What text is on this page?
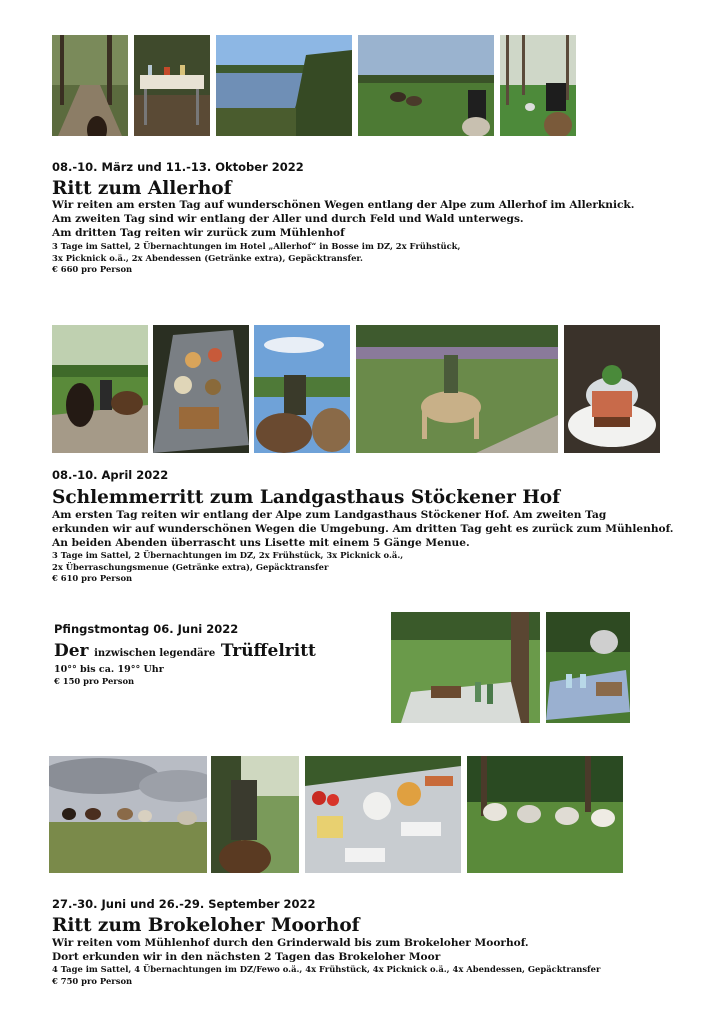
08.-10. März und 11.-13. Oktober 2022
Ritt zum Allerhof
Wir reiten am ersten Tag auf wunderschönen Wegen entlang der Alpe zum Allerhof im Allerknick.
Am zweiten Tag sind wir entlang der Aller und durch Feld und Wald unterwegs.
Am dritten Tag reiten wir zurück zum Mühlenhof
3 Tage im Sattel, 2 Übernachtungen im Hotel „Allerhof“ in Bosse im DZ, 2x Frühstück,
3x Picknick o.ä., 2x Abendessen (Getränke extra), Gepäcktransfer.
€ 660 pro Person
08.-10. April 2022
Schlemmerritt zum Landgasthaus Stöckener Hof
Am ersten Tag reiten wir entlang der Alpe zum Landgasthaus Stöckener Hof. Am zweiten Tag
erkunden wir auf wunderschönen Wegen die Umgebung. Am dritten Tag geht es zurück zum Mühlenhof.
An beiden Abenden überrascht uns Lisette mit einem 5 Gänge Menue.
3 Tage im Sattel, 2 Übernachtungen im DZ, 2x Frühstück, 3x Picknick o.ä.,
2x Überraschungsmenue (Getränke extra), Gepäcktransfer
€ 610 pro Person
Pfingstmontag 06. Juni 2022
Der inzwischen legendäre Trüffelritt
10°° bis ca. 19°° Uhr
€ 150 pro Person
27.-30. Juni und 26.-29. September 2022
Ritt zum Brokeloher Moorhof
Wir reiten vom Mühlenhof durch den Grinderwald bis zum Brokeloher Moorhof.
Dort erkunden wir in den nächsten 2 Tagen das Brokeloher Moor
4 Tage im Sattel, 4 Übernachtungen im DZ/Fewo o.ä., 4x Frühstück, 4x Picknick o.ä., 4x Abendessen, Gepäcktransfer
€ 750 pro Person
